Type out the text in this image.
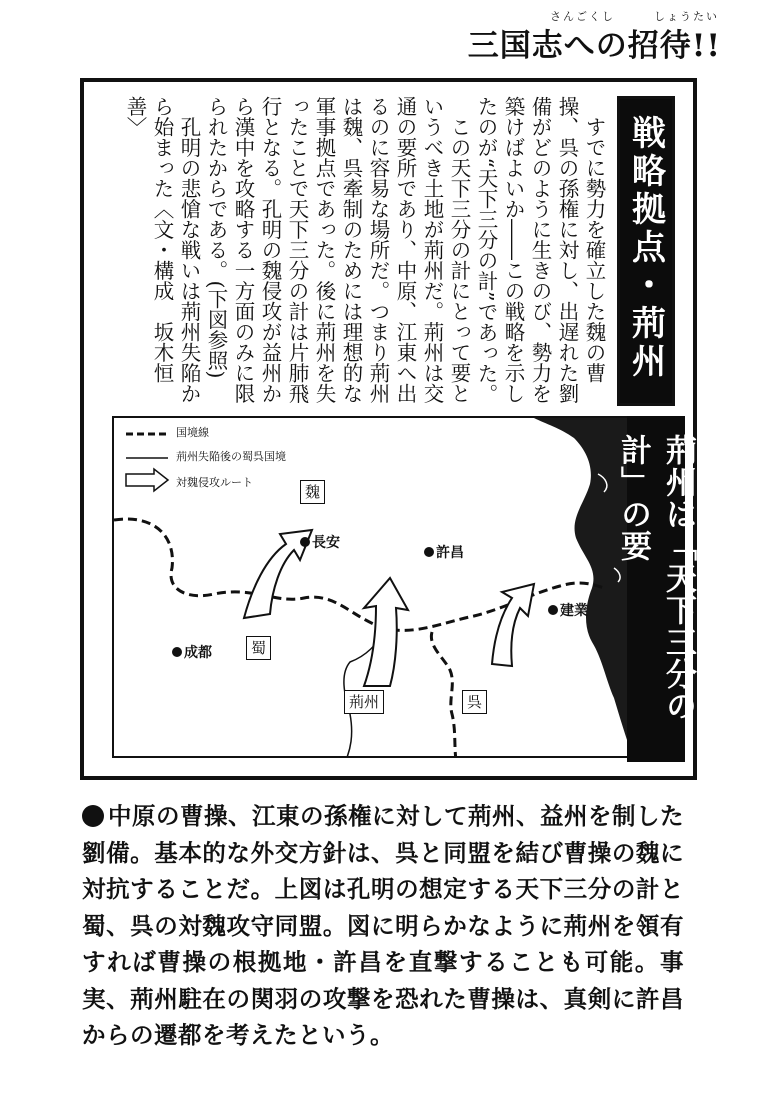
さんごくし　　　しょうたい
三国志への招待!!

　すでに勢力を確立した魏の曹操、呉の孫権に対し、出遅れた劉備がどのように生きのび、勢力を築けばよいか――この戦略を示したのが“天下三分の計”であった。

　この天下三分の計にとって要というべき土地が荊州だ。荊州は交通の要所であり、中原、江東へ出るのに容易な場所だ。つまり荊州は魏、呉牽制のためには理想的な軍事拠点であった。後に荊州を失ったことで天下三分の計は片肺飛行となる。孔明の魏侵攻が益州から漢中を攻略する一方面のみに限られたからである。(下図参照)

　孔明の悲愴な戦いは荊州失陥から始まった〈文・構成　坂木恒善〉	戦略拠点・荊州
国境線
荊州失陥後の蜀呉国境
対魏侵攻ルート
魏
蜀
荊州	呉
長安
許昌
建業
成都	荊州は「天下三分の計」の要
中原の曹操、江東の孫権に対して荊州、益州を制した劉備。基本的な外交方針は、呉と同盟を結び曹操の魏に対抗することだ。上図は孔明の想定する天下三分の計と蜀、呉の対魏攻守同盟。図に明らかなように荊州を領有すれば曹操の根拠地・許昌を直撃することも可能。事実、荊州駐在の関羽の攻撃を恐れた曹操は、真剣に許昌からの遷都を考えたという。
